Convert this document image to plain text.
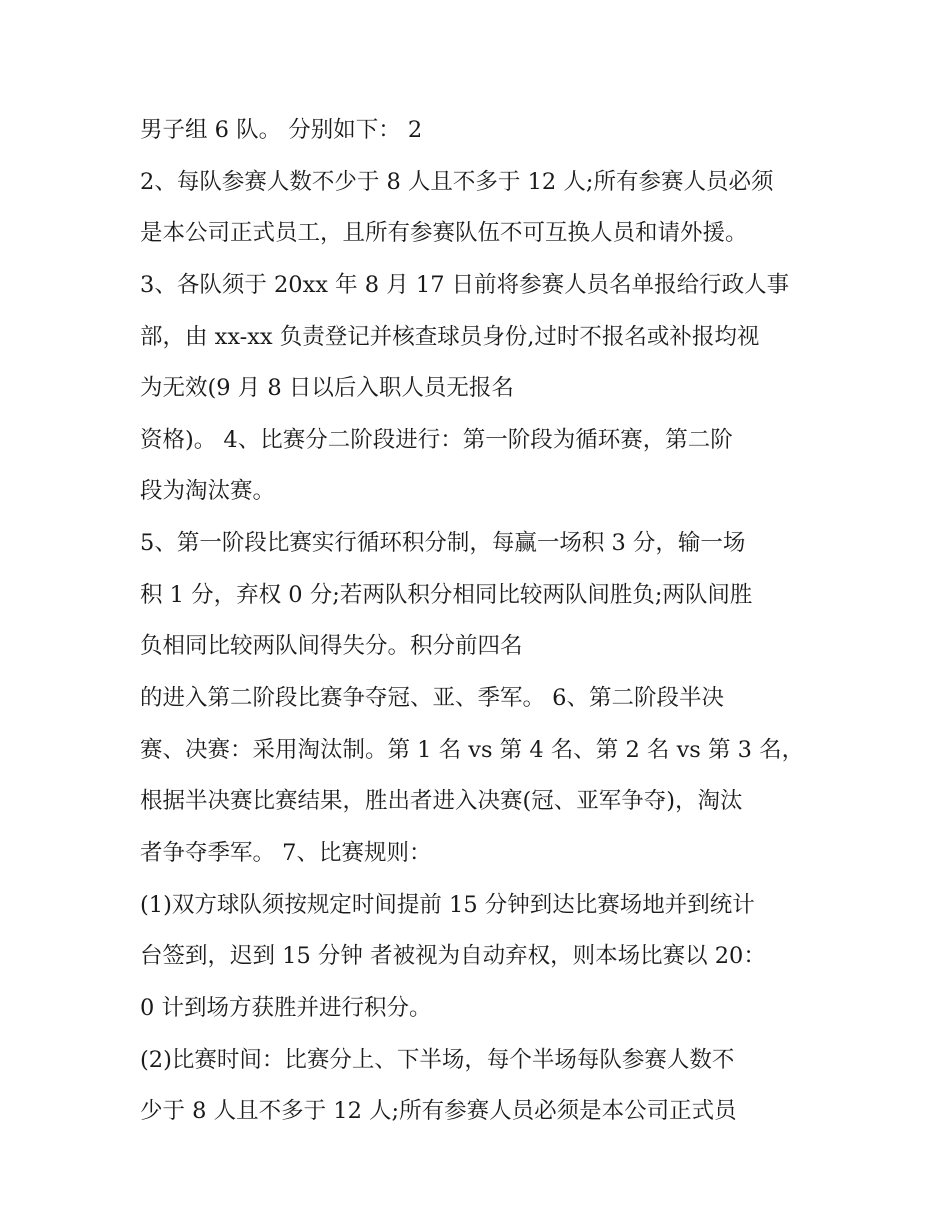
男子组 6 队。 分别如下： 2

2、每队参赛人数不少于 8 人且不多于 12 人;所有参赛人员必须

是本公司正式员工，且所有参赛队伍不可互换人员和请外援。

3、各队须于 20xx 年 8 月 17 日前将参赛人员名单报给行政人事

部，由 xx-xx 负责登记并核查球员身份,过时不报名或补报均视

为无效(9 月 8 日以后入职人员无报名

资格)。 4、比赛分二阶段进行：第一阶段为循环赛，第二阶

段为淘汰赛。

5、第一阶段比赛实行循环积分制，每赢一场积 3 分，输一场

积 1 分，弃权 0 分;若两队积分相同比较两队间胜负;两队间胜

负相同比较两队间得失分。积分前四名

的进入第二阶段比赛争夺冠、亚、季军。 6、第二阶段半决

赛、决赛：采用淘汰制。第 1 名 vs 第 4 名、第 2 名 vs 第 3 名，

根据半决赛比赛结果，胜出者进入决赛(冠、亚军争夺)，淘汰

者争夺季军。 7、比赛规则：

(1)双方球队须按规定时间提前 15 分钟到达比赛场地并到统计

台签到，迟到 15 分钟 者被视为自动弃权，则本场比赛以 20：

0 计到场方获胜并进行积分。

(2)比赛时间：比赛分上、下半场，每个半场每队参赛人数不

少于 8 人且不多于 12 人;所有参赛人员必须是本公司正式员
